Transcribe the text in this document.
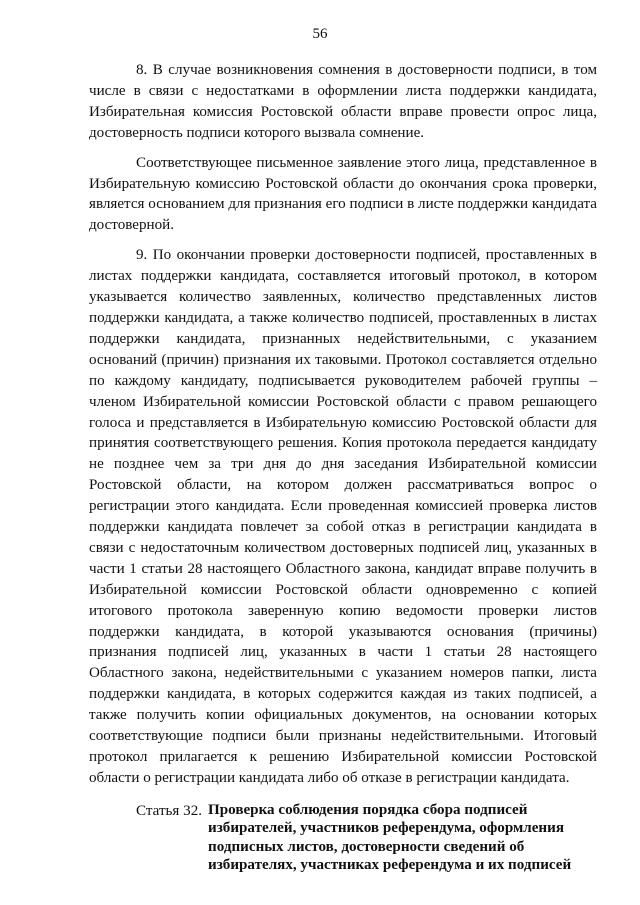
56

8. В случае возникновения сомнения в достоверности подписи, в том числе в связи с недостатками в оформлении листа поддержки кандидата, Избирательная комиссия Ростовской области вправе провести опрос лица, достоверность подписи которого вызвала сомнение.

Соответствующее письменное заявление этого лица, представленное в Избирательную комиссию Ростовской области до окончания срока проверки, является основанием для признания его подписи в листе поддержки кандидата достоверной.

9. По окончании проверки достоверности подписей, проставленных в листах поддержки кандидата, составляется итоговый протокол, в котором указывается количество заявленных, количество представленных листов поддержки кандидата, а также количество подписей, проставленных в листах поддержки кандидата, признанных недействительными, с указанием оснований (причин) признания их таковыми. Протокол составляется отдельно по каждому кандидату, подписывается руководителем рабочей группы – членом Избирательной комиссии Ростовской области с правом решающего голоса и представляется в Избирательную комиссию Ростовской области для принятия соответствующего решения. Копия протокола передается кандидату не позднее чем за три дня до дня заседания Избирательной комиссии Ростовской области, на котором должен рассматриваться вопрос о регистрации этого кандидата. Если проведенная комиссией проверка листов поддержки кандидата повлечет за собой отказ в регистрации кандидата в связи с недостаточным количеством достоверных подписей лиц, указанных в части 1 статьи 28 настоящего Областного закона, кандидат вправе получить в Избирательной комиссии Ростовской области одновременно с копией итогового протокола заверенную копию ведомости проверки листов поддержки кандидата, в которой указываются основания (причины) признания подписей лиц, указанных в части 1 статьи 28 настоящего Областного закона, недействительными с указанием номеров папки, листа поддержки кандидата, в которых содержится каждая из таких подписей, а также получить копии официальных документов, на основании которых соответствующие подписи были признаны недействительными. Итоговый протокол прилагается к решению Избирательной комиссии Ростовской области о регистрации кандидата либо об отказе в регистрации кандидата.

Статья 32. Проверка соблюдения порядка сбора подписей избирателей, участников референдума, оформления подписных листов, достоверности сведений об избирателях, участниках референдума и их подписей
